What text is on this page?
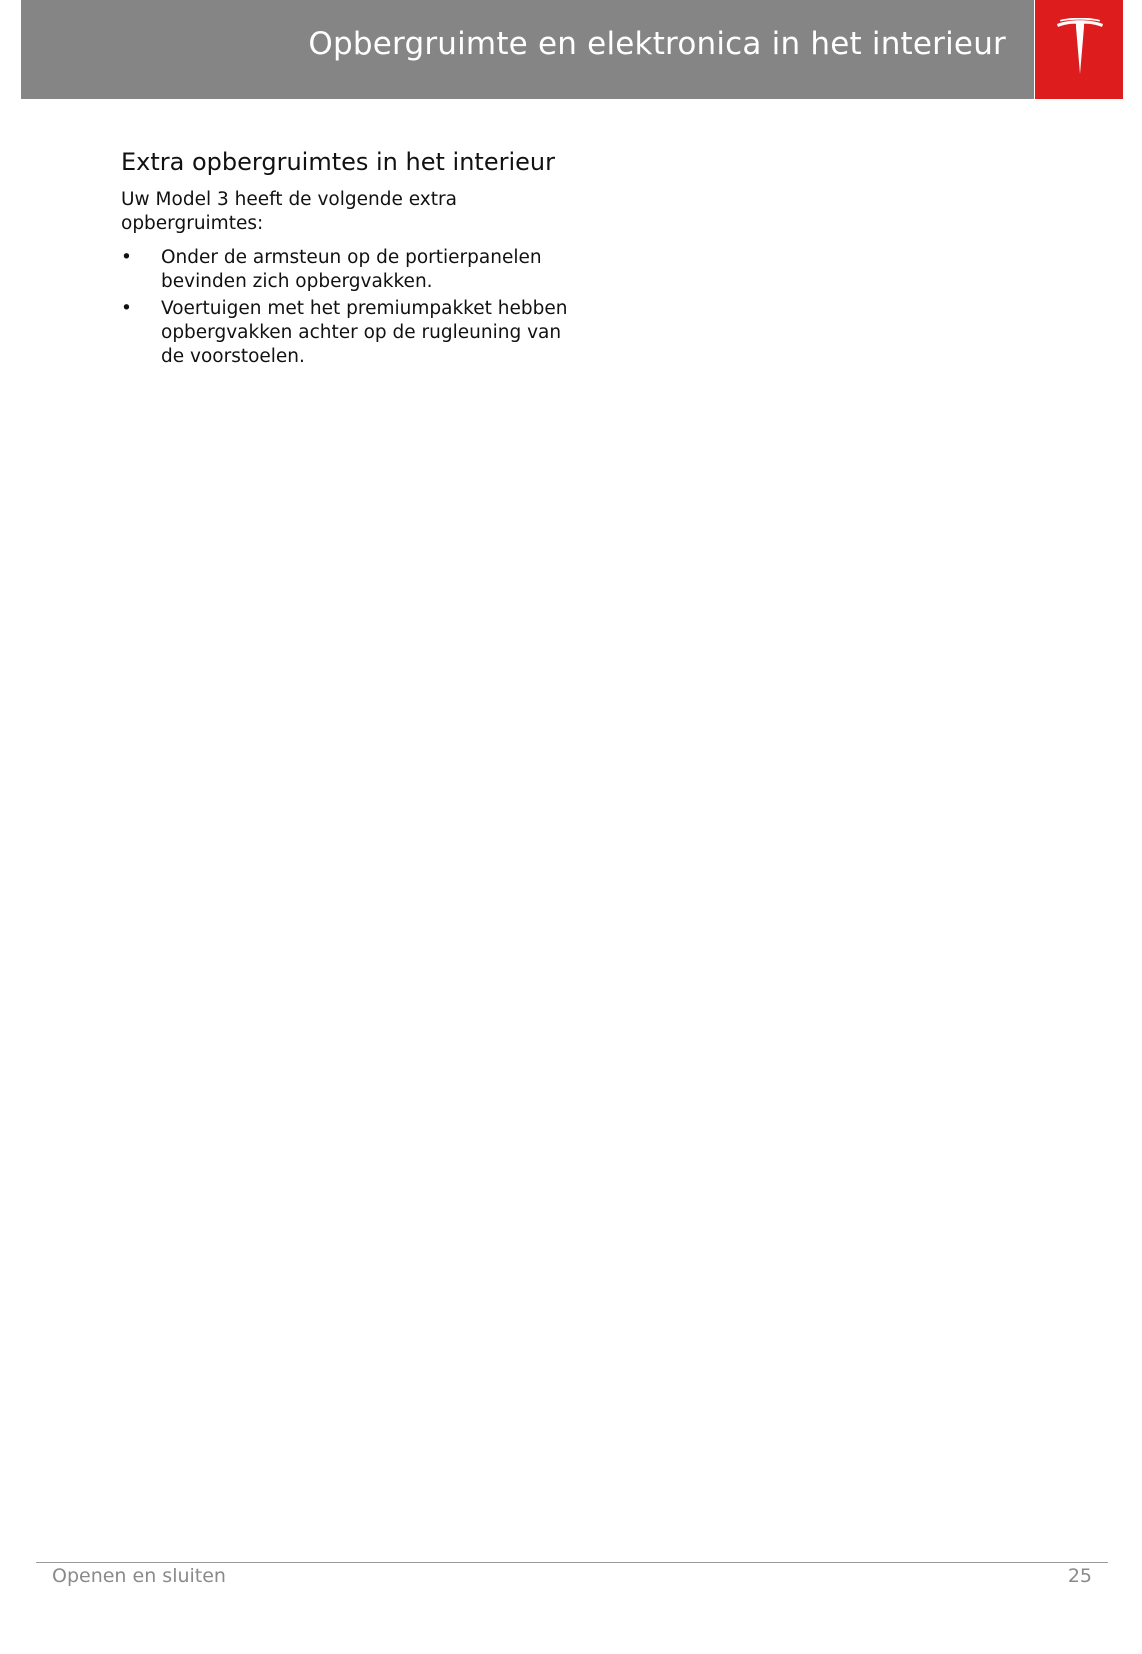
Opbergruimte en elektronica in het interieur
Extra opbergruimtes in het interieur

Uw Model 3 heeft de volgende extra opbergruimtes:

• Onder de armsteun op de portierpanelen bevinden zich opbergvakken.
• Voertuigen met het premiumpakket hebben opbergvakken achter op de rugleuning van de voorstoelen.
Openen en sluiten	25
